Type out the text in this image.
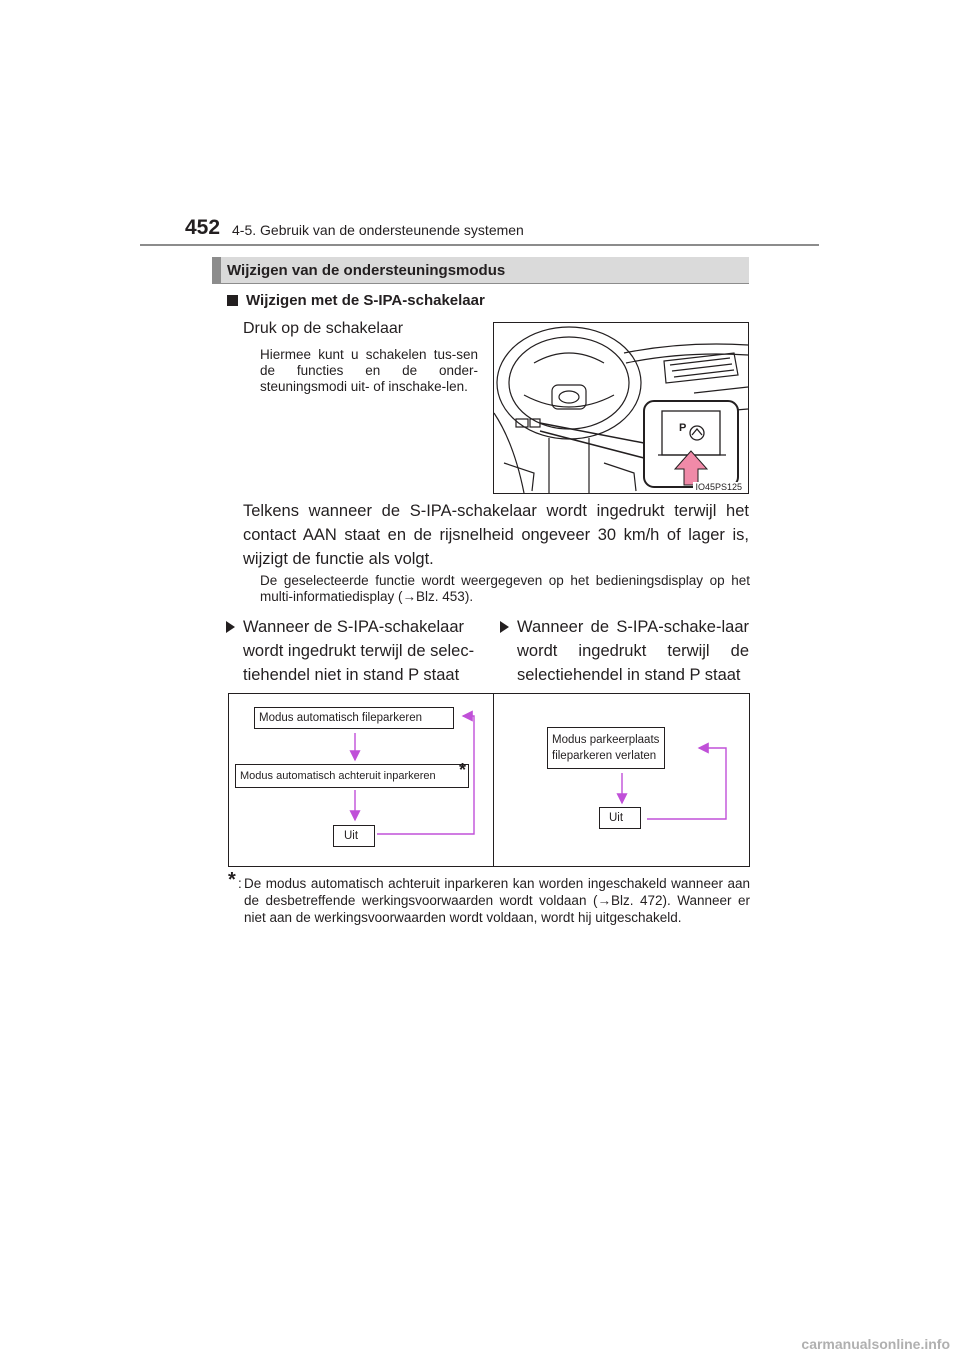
452 4-5. Gebruik van de ondersteunende systemen
Wijzigen van de ondersteuningsmodus
Wijzigen met de S-IPA-schakelaar
Druk op de schakelaar
Hiermee kunt u schakelen tus-sen de functies en de onder-steuningsmodi uit- of inschake-len.
P
IO45PS125
Telkens wanneer de S-IPA-schakelaar wordt ingedrukt terwijl het contact AAN staat en de rijsnelheid ongeveer 30 km/h of lager is, wijzigt de functie als volgt.
De geselecteerde functie wordt weergegeven op het bedieningsdisplay op het multi-informatiedisplay (→Blz. 453).
Wanneer de S-IPA-schakelaar wordt ingedrukt terwijl de selec-tiehendel niet in stand P staat
Wanneer de S-IPA-schake-laar wordt ingedrukt terwijl de selectiehendel in stand P staat
Modus automatisch fileparkeren
Modus automatisch achteruit inparkeren *
Uit
Modus parkeerplaats
fileparkeren verlaten
Uit
* : De modus automatisch achteruit inparkeren kan worden ingeschakeld wanneer aan de desbetreffende werkingsvoorwaarden wordt voldaan (→Blz. 472). Wanneer er niet aan de werkingsvoorwaarden wordt voldaan, wordt hij uitgeschakeld.
carmanualsonline.info
